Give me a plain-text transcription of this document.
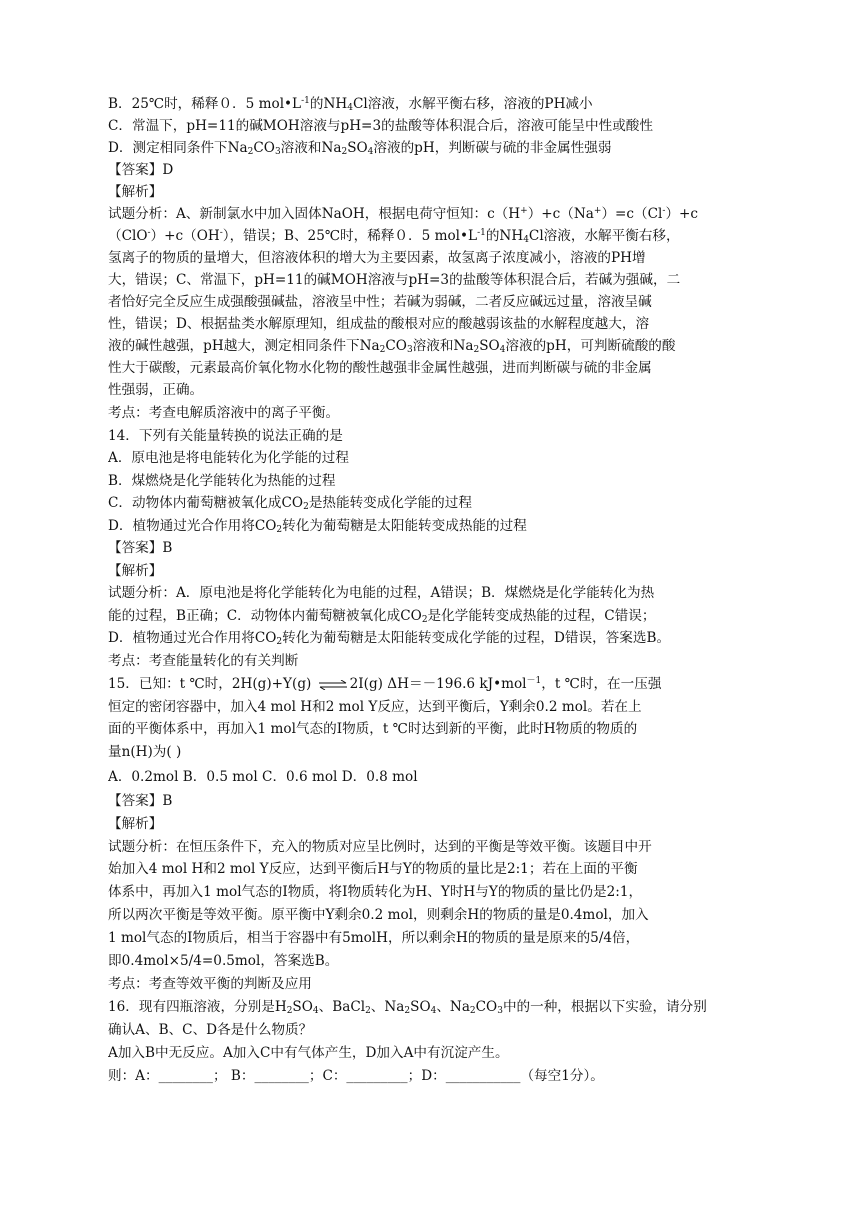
B．25℃时，稀释０．5 $mol•L^{-1}$的$NH_4Cl$溶液，水解平衡右移，溶液的PH减小
C．常温下，pH=11的碱MOH溶液与pH=3的盐酸等体积混合后，溶液可能呈中性或酸性
D．测定相同条件下$Na_2CO_3$溶液和$Na_2SO_4$溶液的pH，判断碳与硫的非金属性强弱
【答案】D
【解析】
试题分析：A、新制氯水中加入固体NaOH，根据电荷守恒知：c（H+）+c（Na+）=c（Cl-）+c
（ClO-）+c（OH-），错误；B、25℃时，稀释０．5 $mol•L^{-1}$的$NH_4Cl$溶液，水解平衡右移，
氢离子的物质的量增大，但溶液体积的增大为主要因素，故氢离子浓度减小，溶液的PH增
大，错误；C、常温下，pH=11的碱MOH溶液与pH=3的盐酸等体积混合后，若碱为强碱，二
者恰好完全反应生成强酸强碱盐，溶液呈中性；若碱为弱碱，二者反应碱远过量，溶液呈碱
性，错误；D、根据盐类水解原理知，组成盐的酸根对应的酸越弱该盐的水解程度越大，溶
液的碱性越强，pH越大，测定相同条件下$Na_2CO_3$溶液和$Na_2SO_4$溶液的pH，可判断硫酸的酸
性大于碳酸，元素最高价氧化物水化物的酸性越强非金属性越强，进而判断碳与硫的非金属
性强弱，正确。
考点：考查电解质溶液中的离子平衡。
14．下列有关能量转换的说法正确的是
A．原电池是将电能转化为化学能的过程
B．煤燃烧是化学能转化为热能的过程
C．动物体内葡萄糖被氧化成$CO_2$是热能转变成化学能的过程
D．植物通过光合作用将$CO_2$转化为葡萄糖是太阳能转变成热能的过程
【答案】B
【解析】
试题分析：A．原电池是将化学能转化为电能的过程，A错误；B．煤燃烧是化学能转化为热
能的过程，B正确；C．动物体内葡萄糖被氧化成$CO_2$是化学能转变成热能的过程，C错误；
D．植物通过光合作用将$CO_2$转化为葡萄糖是太阳能转变成化学能的过程，D错误，答案选B。
考点：考查能量转化的有关判断
15．已知：t ℃时，2H(g)+Y(g)	2I(g) ΔH＝－196.6 kJ•mol$^{-1}$，t ℃时，在一压强
恒定的密闭容器中，加入4 mol H和2 mol Y反应，达到平衡后，Y剩余0.2 mol。若在上
面的平衡体系中，再加入1 mol气态的I物质，t ℃时达到新的平衡，此时H物质的物质的
量n(H)为( )
A．0.2mol B．0.5 mol C．0.6 mol D．0.8 mol
【答案】B
【解析】
试题分析：在恒压条件下，充入的物质对应呈比例时，达到的平衡是等效平衡。该题目中开
始加入4 mol H和2 mol Y反应，达到平衡后H与Y的物质的量比是2:1；若在上面的平衡
体系中，再加入1 mol气态的I物质，将I物质转化为H、Y时H与Y的物质的量比仍是2:1，
所以两次平衡是等效平衡。原平衡中Y剩余0.2 mol，则剩余H的物质的量是0.4mol，加入
1 mol气态的I物质后，相当于容器中有5molH，所以剩余H的物质的量是原来的5/4倍，
即0.4mol×5/4=0.5mol，答案选B。
考点：考查等效平衡的判断及应用
16．现有四瓶溶液，分别是$H_2SO_4$、BaCl$_2$、$Na_2SO_4$、$Na_2CO_3$中的一种，根据以下实验，请分别
确认A、B、C、D各是什么物质？
A加入B中无反应。A加入C中有气体产生，D加入A中有沉淀产生。
则：A：________； B：________；C：_________；D：___________（每空1分）。
